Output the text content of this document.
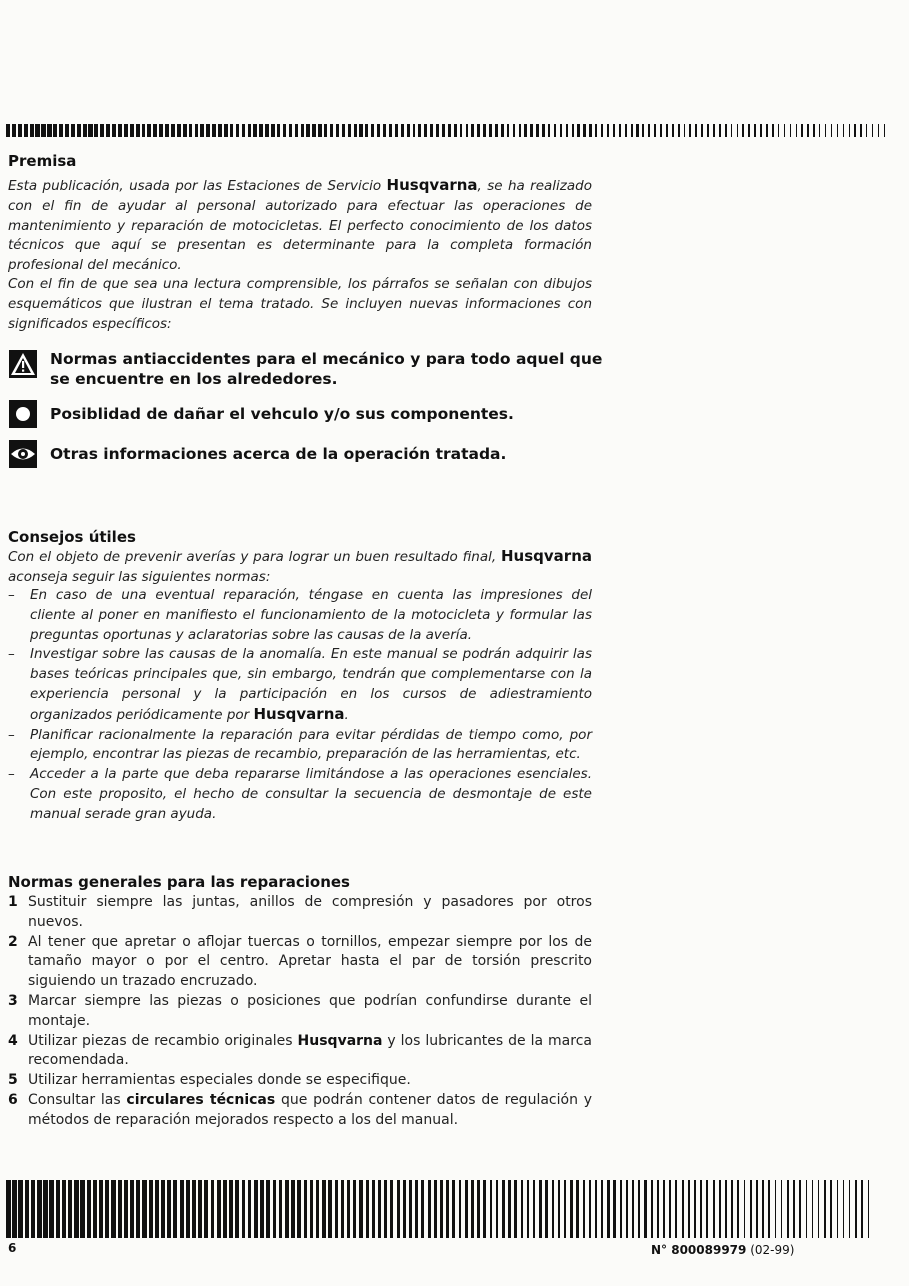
Premisa
Esta publicación, usada por las Estaciones de Servicio Husqvarna, se ha realizado con el fin de ayudar al personal autorizado para efectuar las operaciones de mantenimiento y reparación de motocicletas. El perfecto conocimiento de los datos técnicos que aquí se presentan es determinante para la completa formación profesional del mecánico.
Con el fin de que sea una lectura comprensible, los párrafos se señalan con dibujos esquemáticos que ilustran el tema tratado. Se incluyen nuevas informaciones con significados específicos:
Normas antiaccidentes para el mecánico y para todo aquel que se encuentre en los alrededores.
Posiblidad de dañar el vehculo y/o sus componentes.
Otras informaciones acerca de la operación tratada.
Consejos útiles
Con el objeto de prevenir averías y para lograr un buen resultado final, Husqvarna aconseja seguir las siguientes normas:
– En caso de una eventual reparación, téngase en cuenta las impresiones del cliente al poner en manifiesto el funcionamiento de la motocicleta y formular las preguntas oportunas y aclaratorias sobre las causas de la avería.
– Investigar sobre las causas de la anomalía. En este manual se podrán adquirir las bases teóricas principales que, sin embargo, tendrán que complementarse con la experiencia personal y la participación en los cursos de adiestramiento organizados periódicamente por Husqvarna.
– Planificar racionalmente la reparación para evitar pérdidas de tiempo como, por ejemplo, encontrar las piezas de recambio, preparación de las herramientas, etc.
– Acceder a la parte que deba repararse limitándose a las operaciones esenciales. Con este proposito, el hecho de consultar la secuencia de desmontaje de este manual serade gran ayuda.
Normas generales para las reparaciones
1 Sustituir siempre las juntas, anillos de compresión y pasadores por otros nuevos.
2 Al tener que apretar o aflojar tuercas o tornillos, empezar siempre por los de tamaño mayor o por el centro. Apretar hasta el par de torsión prescrito siguiendo un trazado encruzado.
3 Marcar siempre las piezas o posiciones que podrían confundirse durante el montaje.
4 Utilizar piezas de recambio originales Husqvarna y los lubricantes de la marca recomendada.
5 Utilizar herramientas especiales donde se especifique.
6 Consultar las circulares técnicas que podrán contener datos de regulación y métodos de reparación mejorados respecto a los del manual.
6	N° 800089979 (02-99)
